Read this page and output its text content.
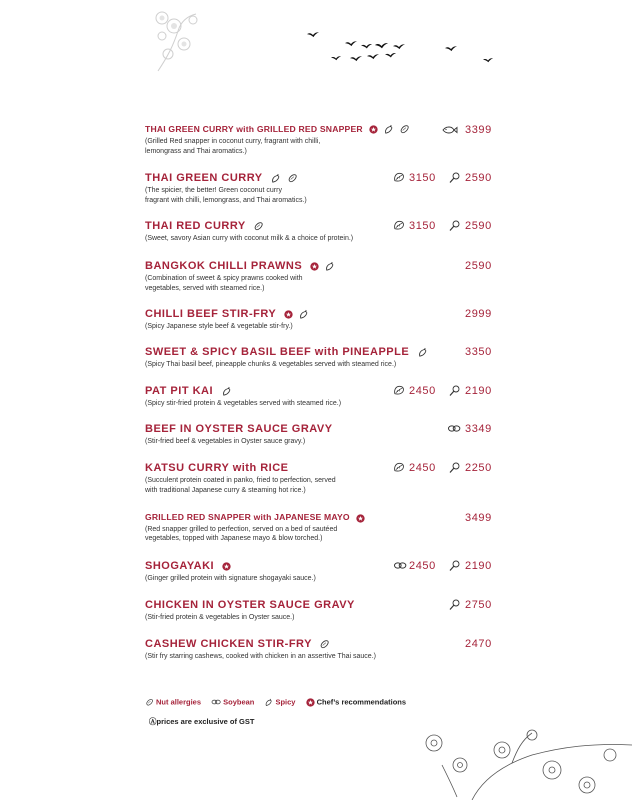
THAI GREEN CURRY with GRILLED RED SNAPPER
(Grilled Red snapper in coconut curry, fragrant with chilli,
lemongrass and Thai aromatics.)
3399
THAI GREEN CURRY
(The spicier, the better! Green coconut curry
fragrant with chilli, lemongrass, and Thai aromatics.)
3150	2590
THAI RED CURRY
(Sweet, savory Asian curry with coconut milk & a choice of protein.)
3150	2590
BANGKOK CHILLI PRAWNS
(Combination of sweet & spicy prawns cooked with
vegetables, served with steamed rice.)
2590
CHILLI BEEF STIR-FRY
(Spicy Japanese style beef & vegetable stir-fry.)
2999
SWEET & SPICY BASIL BEEF with PINEAPPLE
(Spicy Thai basil beef, pineapple chunks & vegetables served with steamed rice.)
3350
PAT PIT KAI
(Spicy stir-fried protein & vegetables served with steamed rice.)
2450	2190
BEEF IN OYSTER SAUCE GRAVY
(Stir-fried beef & vegetables in Oyster sauce gravy.)
3349
KATSU CURRY with RICE
(Succulent protein coated in panko, fried to perfection, served
with traditional Japanese curry & steaming hot rice.)
2450	2250
GRILLED RED SNAPPER with JAPANESE MAYO
(Red snapper grilled to perfection, served on a bed of sautéed
vegetables, topped with Japanese mayo & blow torched.)
3499
SHOGAYAKI
(Ginger grilled protein with signature shogayaki sauce.)
2450	2190
CHICKEN IN OYSTER SAUCE GRAVY
(Stir-fried protein & vegetables in Oyster sauce.)
2750
CASHEW CHICKEN STIR-FRY
(Stir fry starring cashews, cooked with chicken in an assertive Thai sauce.)
2470
Nut allergies	Soybean	Spicy	Chef’s recommendations
Ⓐprices are exclusive of GST
